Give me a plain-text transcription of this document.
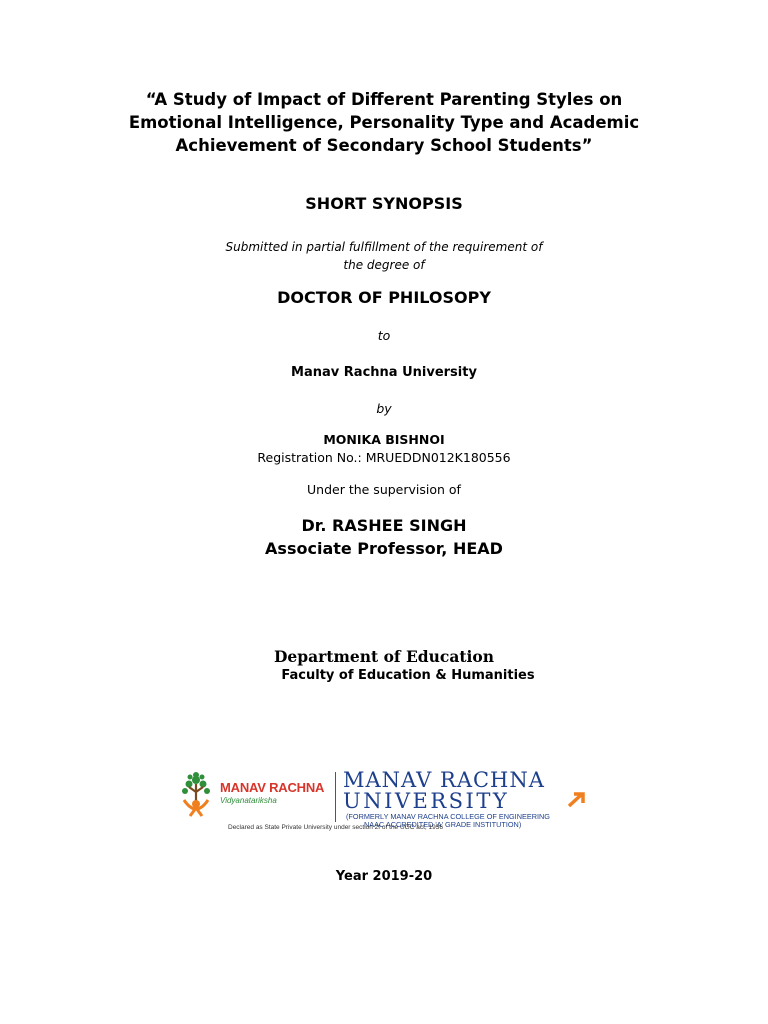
“A Study of Impact of Different Parenting Styles on
Emotional Intelligence, Personality Type and Academic
Achievement of Secondary School Students”
SHORT SYNOPSIS
Submitted in partial fulfillment of the requirement of
the degree of
DOCTOR OF PHILOSOPY
to
Manav Rachna University
by
MONIKA BISHNOI
Registration No.: MRUEDDN012K180556
Under the supervision of
Dr. RASHEE SINGH
Associate Professor, HEAD
Department of Education
Faculty of Education & Humanities
MANAV RACHNA
Vidyanatariksha
MANAV RACHNA
UNIVERSITY
(FORMERLY MANAV RACHNA COLLEGE OF ENGINEERING
NAAC ACCREDITED 'A' GRADE INSTITUTION)
Declared as State Private University under section 2f of the UGC act, 1956
Year 2019-20
